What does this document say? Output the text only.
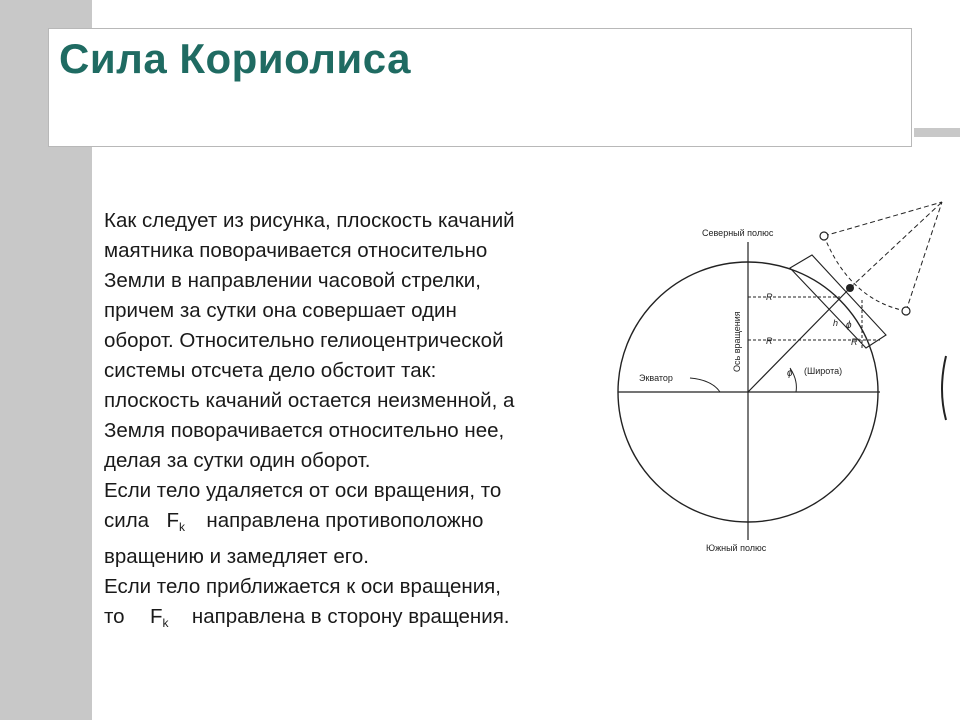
Сила Кориолиса

Как следует из рисунка, плоскость качаний
маятника поворачивается относительно
Земли в направлении часовой стрелки,
причем за сутки она совершает один
оборот. Относительно гелиоцентрической
системы отсчета дело обстоит так:
плоскость качаний остается неизменной, а
Земля поворачивается относительно нее,
делая за сутки один оборот.

Если тело удаляется от оси вращения, то
сила $F_k$ направлена противоположно
вращению и замедляет его.

Если тело приближается к оси вращения,
то $F_k$ направлена в сторону вращения.

Северный полюс
Южный полюс
Экватор
(Широта)
ϕ
ϕ
R
R	R'
h
Ось вращения
